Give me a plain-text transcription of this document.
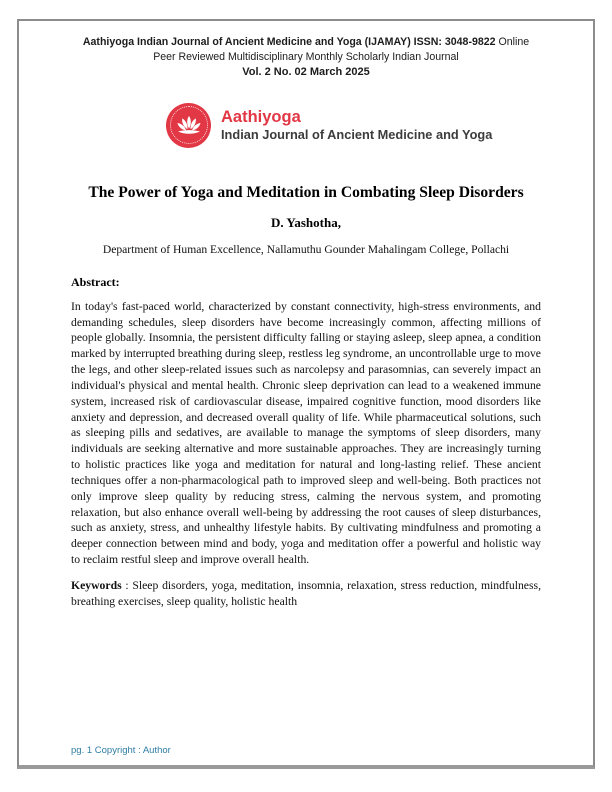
Aathiyoga Indian Journal of Ancient Medicine and Yoga (IJAMAY) ISSN: 3048-9822 Online
Peer Reviewed Multidisciplinary Monthly Scholarly Indian Journal
Vol. 2 No. 02 March 2025
Aathiyoga
Indian Journal of Ancient Medicine and Yoga
The Power of Yoga and Meditation in Combating Sleep Disorders
D. Yashotha,
Department of Human Excellence, Nallamuthu Gounder Mahalingam College, Pollachi
Abstract:
In today's fast-paced world, characterized by constant connectivity, high-stress environments, and demanding schedules, sleep disorders have become increasingly common, affecting millions of people globally. Insomnia, the persistent difficulty falling or staying asleep, sleep apnea, a condition marked by interrupted breathing during sleep, restless leg syndrome, an uncontrollable urge to move the legs, and other sleep-related issues such as narcolepsy and parasomnias, can severely impact an individual's physical and mental health. Chronic sleep deprivation can lead to a weakened immune system, increased risk of cardiovascular disease, impaired cognitive function, mood disorders like anxiety and depression, and decreased overall quality of life. While pharmaceutical solutions, such as sleeping pills and sedatives, are available to manage the symptoms of sleep disorders, many individuals are seeking alternative and more sustainable approaches. They are increasingly turning to holistic practices like yoga and meditation for natural and long-lasting relief. These ancient techniques offer a non-pharmacological path to improved sleep and well-being. Both practices not only improve sleep quality by reducing stress, calming the nervous system, and promoting relaxation, but also enhance overall well-being by addressing the root causes of sleep disturbances, such as anxiety, stress, and unhealthy lifestyle habits. By cultivating mindfulness and promoting a deeper connection between mind and body, yoga and meditation offer a powerful and holistic way to reclaim restful sleep and improve overall health.
Keywords : Sleep disorders, yoga, meditation, insomnia, relaxation, stress reduction, mindfulness, breathing exercises, sleep quality, holistic health
pg. 1 Copyright : Author
